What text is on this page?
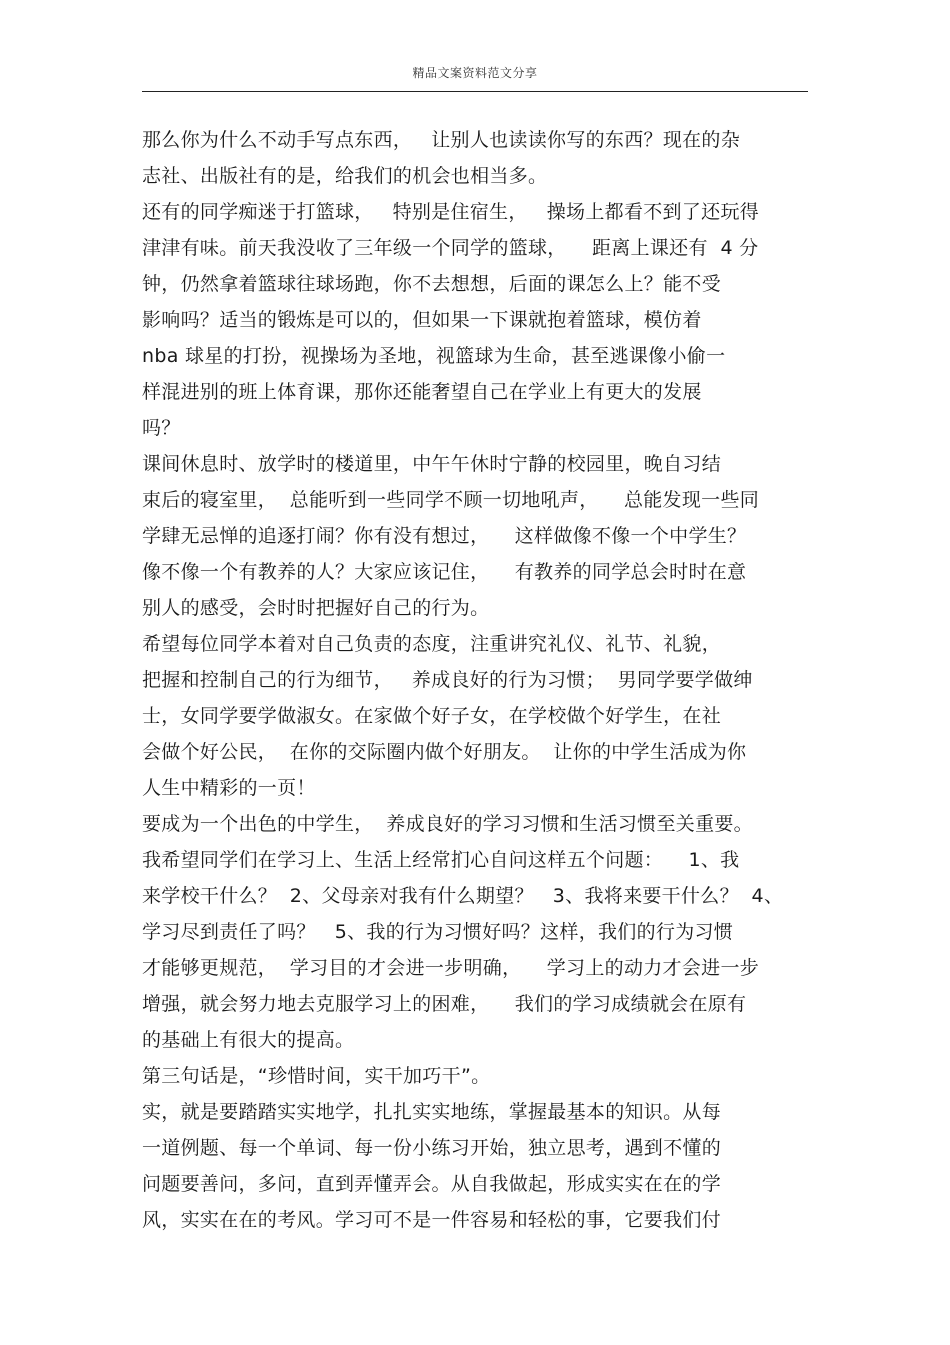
精品文案资料范文分享
那么你为什么不动手写点东西，   让别人也读读你写的东西？现在的杂
志社、出版社有的是，给我们的机会也相当多。
还有的同学痴迷于打篮球，   特别是住宿生，   操场上都看不到了还玩得
津津有味。前天我没收了三年级一个同学的篮球，    距离上课还有  4 分
钟，仍然拿着篮球往球场跑，你不去想想，后面的课怎么上？能不受
影响吗？适当的锻炼是可以的，但如果一下课就抱着篮球，模仿着
nba 球星的打扮，视操场为圣地，视篮球为生命，甚至逃课像小偷一
样混进别的班上体育课，那你还能奢望自己在学业上有更大的发展
吗？
课间休息时、放学时的楼道里，中午午休时宁静的校园里，晚自习结
束后的寝室里，  总能听到一些同学不顾一切地吼声，    总能发现一些同
学肆无忌惮的追逐打闹？你有没有想过，    这样做像不像一个中学生？
像不像一个有教养的人？大家应该记住，    有教养的同学总会时时在意
别人的感受，会时时把握好自己的行为。
希望每位同学本着对自己负责的态度，注重讲究礼仪、礼节、礼貌，
把握和控制自己的行为细节，   养成良好的行为习惯；  男同学要学做绅
士，女同学要学做淑女。在家做个好子女，在学校做个好学生，在社
会做个好公民，  在你的交际圈内做个好朋友。  让你的中学生活成为你
人生中精彩的一页！
要成为一个出色的中学生，  养成良好的学习习惯和生活习惯至关重要。
我希望同学们在学习上、生活上经常扪心自问这样五个问题：    1、我
来学校干什么？  2、父母亲对我有什么期望？   3、我将来要干什么？  4、
学习尽到责任了吗？   5、我的行为习惯好吗？这样，我们的行为习惯
才能够更规范，  学习目的才会进一步明确，    学习上的动力才会进一步
增强，就会努力地去克服学习上的困难，    我们的学习成绩就会在原有
的基础上有很大的提高。
第三句话是，“珍惜时间，实干加巧干”。
实，就是要踏踏实实地学，扎扎实实地练，掌握最基本的知识。从每
一道例题、每一个单词、每一份小练习开始，独立思考，遇到不懂的
问题要善问，多问，直到弄懂弄会。从自我做起，形成实实在在的学
风，实实在在的考风。学习可不是一件容易和轻松的事，它要我们付
